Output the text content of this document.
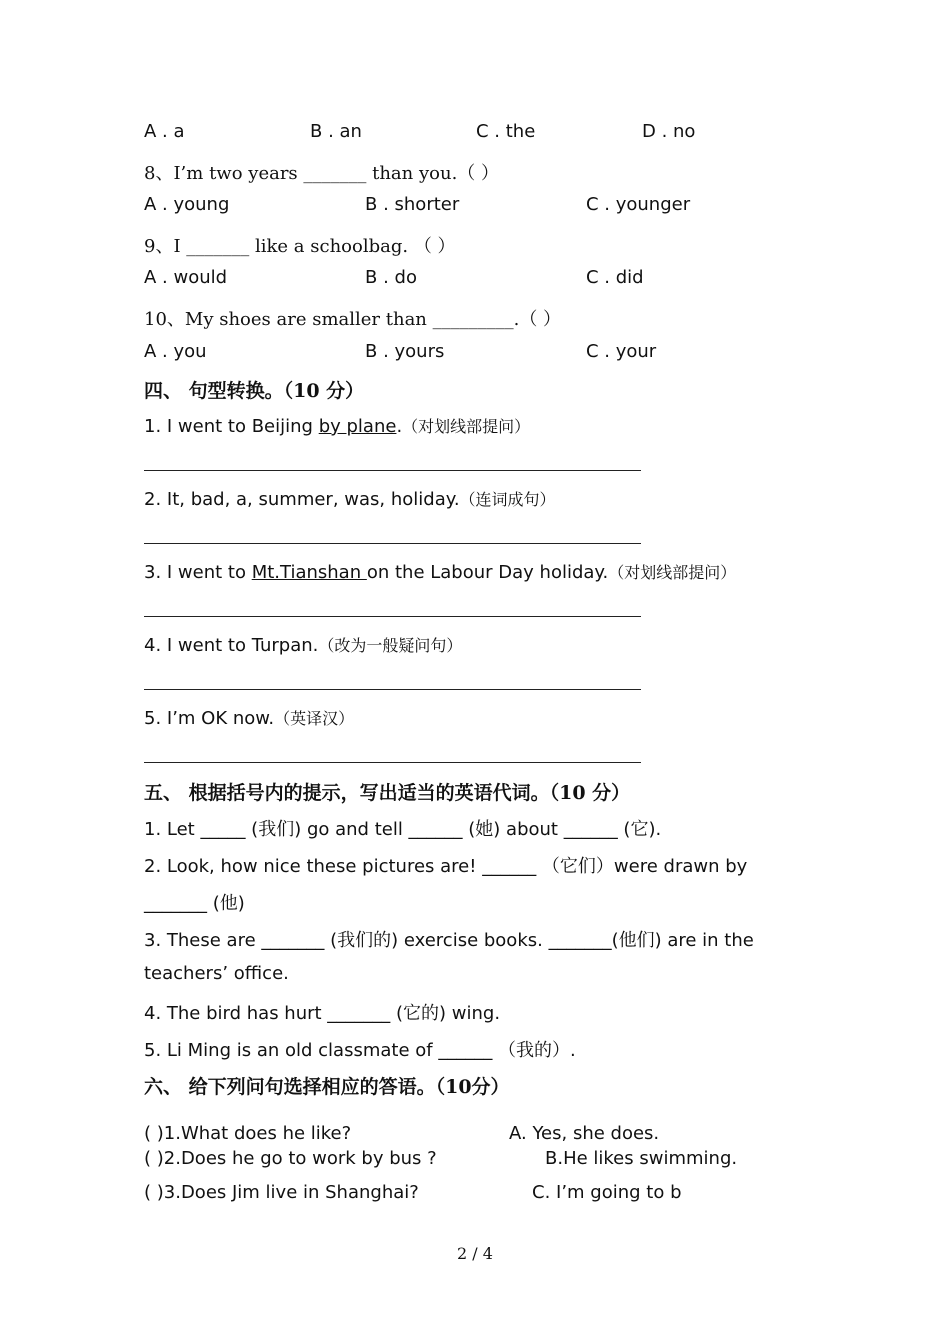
A . a	B . an	C . the	D . no
8、I’m two years _______ than you.（ ）
A . young	B . shorter	C . younger
9、I _______ like a schoolbag. （ ）
A . would	B . do	C . did
10、My shoes are smaller than _________.（ ）
A . you	B . yours	C . your
四、 句型转换。（10 分）
1. I went to Beijing by plane.（对划线部提问）
2. It, bad, a, summer, was, holiday.（连词成句）
3. I went to Mt.Tianshan on the Labour Day holiday.（对划线部提问）
4. I went to Turpan.（改为一般疑问句）
5. I’m OK now.（英译汉）
五、 根据括号内的提示，写出适当的英语代词。（10 分）
1. Let _____ (我们) go and tell ______ (她) about ______ (它).
2. Look, how nice these pictures are! ______ （它们）were drawn by
_______ (他)
3. These are _______ (我们的) exercise books. _______(他们) are in the
teachers’ office.
4. The bird has hurt _______ (它的) wing.
5. Li Ming is an old classmate of ______ （我的）.
六、 给下列问句选择相应的答语。（10分）
( )1.What does he like?	A. Yes, she does.
( )2.Does he go to work by bus ?	B.He likes swimming.
( )3.Does Jim live in Shanghai?	C. I’m going to b
2 / 4
